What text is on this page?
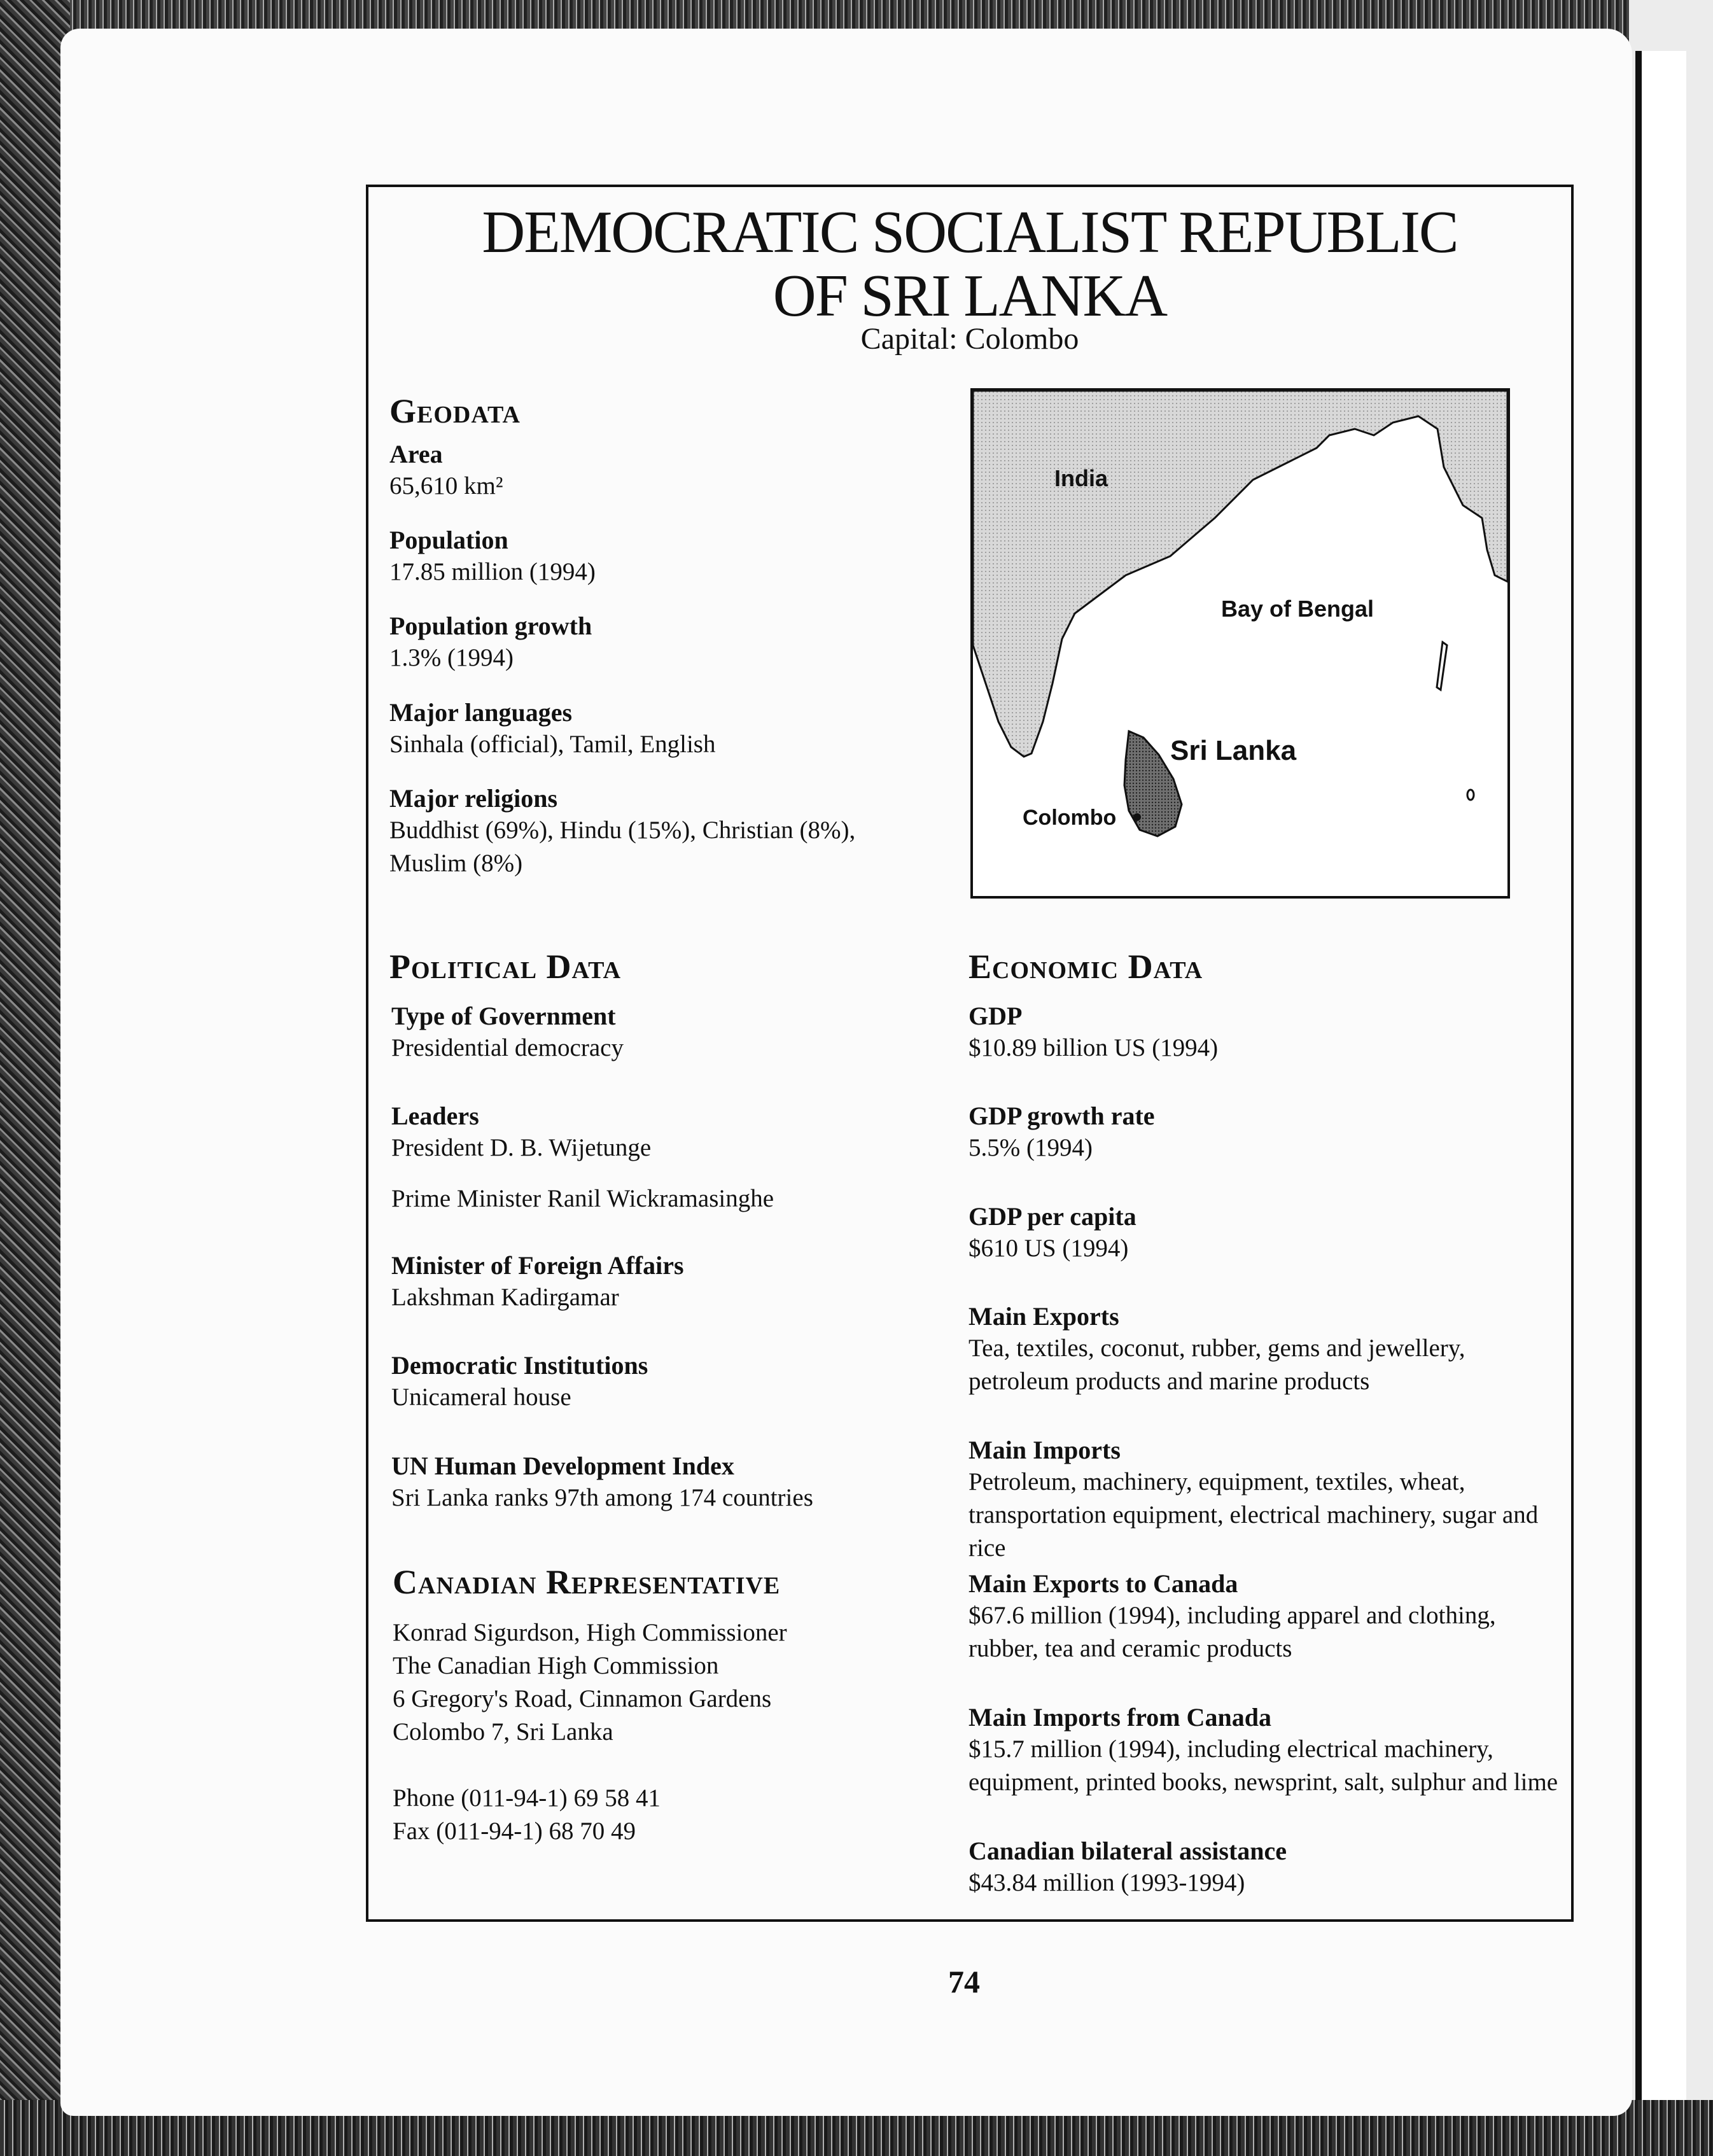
DEMOCRATIC SOCIALIST REPUBLIC
OF SRI LANKA
Capital: Colombo
Geodata
Area
65,610 km²
Population
17.85 million (1994)
Population growth
1.3% (1994)
Major languages
Sinhala (official), Tamil, English
Major religions
Buddhist (69%), Hindu (15%), Christian (8%), Muslim (8%)
India
Bay of Bengal
Sri Lanka
Colombo
Political Data
Type of Government
Presidential democracy
Leaders
President D. B. Wijetunge
Prime Minister Ranil Wickramasinghe
Minister of Foreign Affairs
Lakshman Kadirgamar
Democratic Institutions
Unicameral house
UN Human Development Index
Sri Lanka ranks 97th among 174 countries
Canadian Representative
Konrad Sigurdson, High Commissioner
The Canadian High Commission
6 Gregory's Road, Cinnamon Gardens
Colombo 7, Sri Lanka
Phone (011-94-1) 69 58 41
Fax (011-94-1) 68 70 49
Economic Data
GDP
$10.89 billion US (1994)
GDP growth rate
5.5% (1994)
GDP per capita
$610 US (1994)
Main Exports
Tea, textiles, coconut, rubber, gems and jewellery, petroleum products and marine products
Main Imports
Petroleum, machinery, equipment, textiles, wheat, transportation equipment, electrical machinery, sugar and rice
Main Exports to Canada
$67.6 million (1994), including apparel and clothing, rubber, tea and ceramic products
Main Imports from Canada
$15.7 million (1994), including electrical machinery, equipment, printed books, newsprint, salt, sulphur and lime
Canadian bilateral assistance
$43.84 million (1993-1994)
74
